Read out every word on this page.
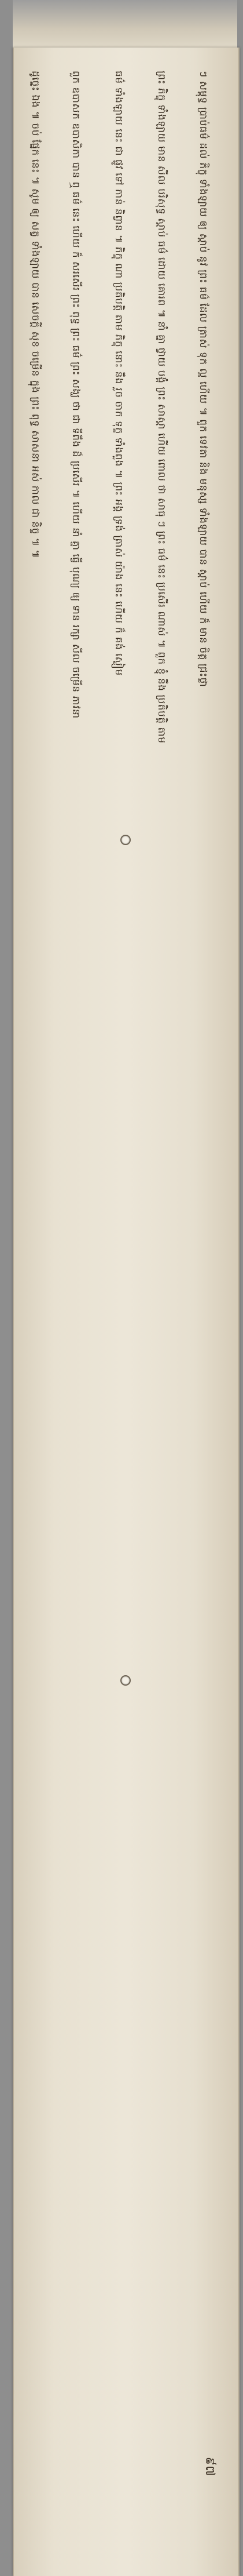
ៗ សម្ពុទ្ធ ប្រាប់ធម៌ ដល់ ភិក្ខុ ទាំងឡាយ ឲ្យ ស្ដាប់ នូវ ព្រះ ធម៌ ដែល ត្រាស់ ទុក ល្អ ហើយ ៕ ពួក ទេវតា និង មនុស្ស ទាំងឡាយ បាន ស្ដាប់ ហើយ ក៏ មាន ចិត្ត ជ្រះថ្លា
ព្រះ ភិក្ខុ ទាំងឡាយ មាន សីល បរិសុទ្ធ ស្ដាប់ ធម៌ ដោយ គោរព ៕ នាំ គ្នា ថ្វាយ បង្គំ ព្រះ សាស្ដា ហើយ ពោល ថា សាធុ ៗ ព្រះ ធម៌ នេះ ប្រសើរ ណាស់ ៕ ពួក ខ្ញុំ នឹង ប្រតិបត្តិ តាម
ធម៌ ទាំងឡាយ នេះ ជា ផ្លូវ ទៅ កាន់ និព្វាន ៕ ភិក្ខុ ណា ប្រតិបត្តិ តាម ភិក្ខុ នោះ នឹង រួច ចាក ទុក្ខ ទាំងពួង ៕ ព្រះ អង្គ ទ្រង់ ត្រាស់ យ៉ាង នេះ ហើយ ក៏ គង់ ស្ងៀម
ពួក ឧបាសក ឧបាសិកា បាន ឮ ធម៌ នេះ ហើយ ក៏ សរសើរ ព្រះ ពុទ្ធ ព្រះ ធម៌ ព្រះ សង្ឃ ថា ជា ទីពឹង ដ៏ ប្រសើរ ៕ ហើយ នាំ គ្នា ធ្វើ បុណ្យ ឲ្យ ទាន រក្សា សីល ចម្រើន ភាវនា
ដូច្នេះ ឯង ៕ ចប់ ផ្នែក នេះ ៕ សូម ឲ្យ សត្វ ទាំងឡាយ បាន សេចក្ដី សុខ ចម្រើន ក្នុង ព្រះ ពុទ្ធ សាសនា អស់ កាល ជា និច្ច ៕ ៕
៩៧
